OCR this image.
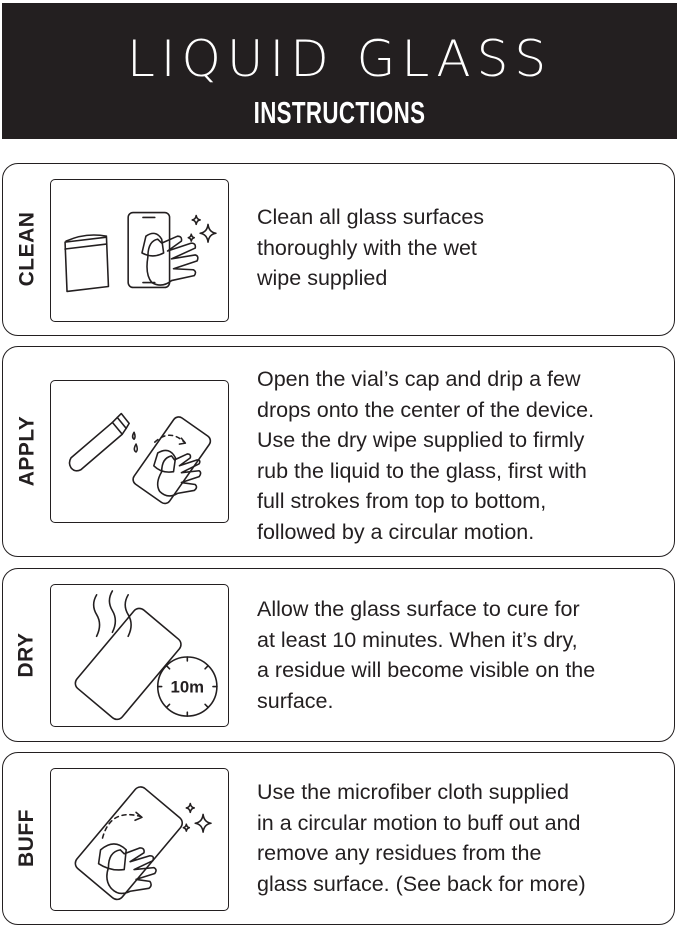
LIQUID GLASS
INSTRUCTIONS
CLEAN	Clean all glass surfaces
thoroughly with the wet
wipe supplied
APPLY
Open the vial’s cap and drip a few
drops onto the center of the device.
Use the dry wipe supplied to firmly
rub the liquid to the glass, first with
full strokes from top to bottom,
followed by a circular motion.
DRY
10m
Allow the glass surface to cure for
at least 10 minutes. When it’s dry,
a residue will become visible on the
surface.
BUFF
Use the microfiber cloth supplied
in a circular motion to buff out and
remove any residues from the
glass surface. (See back for more)
